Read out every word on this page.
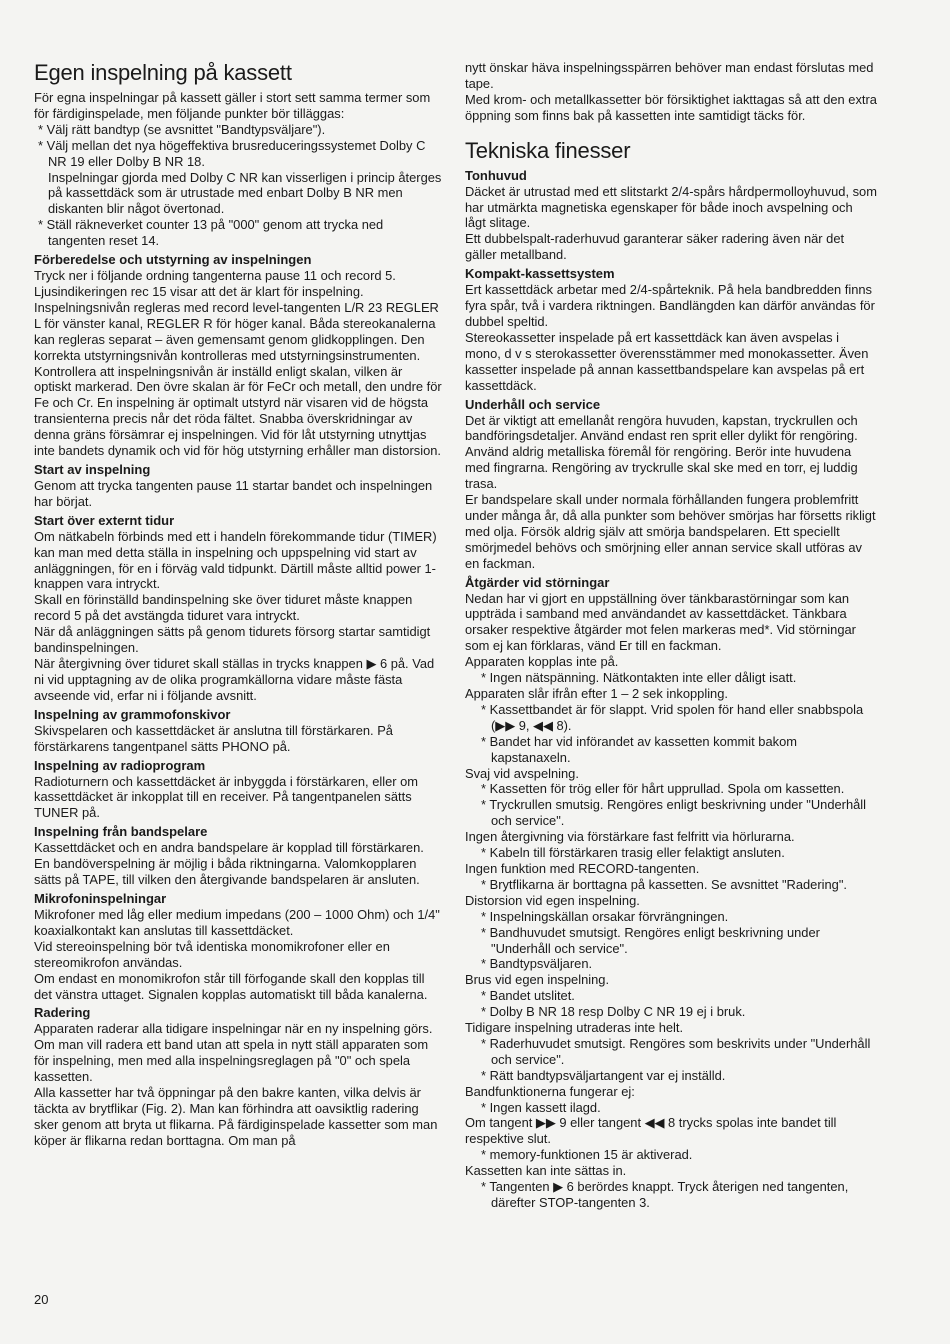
Egen inspelning på kassett

För egna inspelningar på kassett gäller i stort sett samma termer som för färdiginspelade, men följande punkter bör tilläggas:

* Välj rätt bandtyp (se avsnittet "Bandtypsväljare").

* Välj mellan det nya högeffektiva brusreduceringssystemet Dolby C NR 19 eller Dolby B NR 18.

Inspelningar gjorda med Dolby C NR kan visserligen i princip återges på kassettdäck som är utrustade med enbart Dolby B NR men diskanten blir något övertonad.

* Ställ räkneverket counter 13 på "000" genom att trycka ned tangenten reset 14.

Förberedelse och utstyrning av inspelningen

Tryck ner i följande ordning tangenterna pause 11 och record 5. Ljusindikeringen rec 15 visar att det är klart för inspelning. Inspelningsnivån regleras med record level-tangenten L/R 23 REGLER L för vänster kanal, REGLER R för höger kanal. Båda stereokanalerna kan regleras separat – även gemensamt genom glidkopplingen. Den korrekta utstyrningsnivån kontrolleras med utstyrningsinstrumenten. Kontrollera att inspelningsnivån är inställd enligt skalan, vilken är optiskt markerad. Den övre skalan är för FeCr och metall, den undre för Fe och Cr. En inspelning är optimalt utstyrd när visaren vid de högsta transienterna precis når det röda fältet. Snabba överskridningar av denna gräns försämrar ej inspelningen. Vid för låt utstyrning utnyttjas inte bandets dynamik och vid för hög utstyrning erhåller man distorsion.

Start av inspelning

Genom att trycka tangenten pause 11 startar bandet och inspelningen har börjat.

Start över externt tidur

Om nätkabeln förbinds med ett i handeln förekommande tidur (TIMER) kan man med detta ställa in inspelning och uppspelning vid start av anläggningen, för en i förväg vald tidpunkt. Därtill måste alltid power 1-knappen vara intryckt.

Skall en förinställd bandinspelning ske över tiduret måste knappen record 5 på det avstängda tiduret vara intryckt.

När då anläggningen sätts på genom tidurets försorg startar samtidigt bandinspelningen.

När återgivning över tiduret skall ställas in trycks knappen ▶ 6 på. Vad ni vid upptagning av de olika programkällorna vidare måste fästa avseende vid, erfar ni i följande avsnitt.

Inspelning av grammofonskivor

Skivspelaren och kassettdäcket är anslutna till förstärkaren. På förstärkarens tangentpanel sätts PHONO på.

Inspelning av radioprogram

Radioturnern och kassettdäcket är inbyggda i förstärkaren, eller om kassettdäcket är inkopplat till en receiver. På tangentpanelen sätts TUNER på.

Inspelning från bandspelare

Kassettdäcket och en andra bandspelare är kopplad till förstärkaren. En bandöverspelning är möjlig i båda riktningarna. Valomkopplaren sätts på TAPE, till vilken den återgivande bandspelaren är ansluten.

Mikrofoninspelningar

Mikrofoner med låg eller medium impedans (200 – 1000 Ohm) och 1/4" koaxialkontakt kan anslutas till kassettdäcket.

Vid stereoinspelning bör två identiska monomikrofoner eller en stereomikrofon användas.

Om endast en monomikrofon står till förfogande skall den kopplas till det vänstra uttaget. Signalen kopplas automatiskt till båda kanalerna.

Radering

Apparaten raderar alla tidigare inspelningar när en ny inspelning görs. Om man vill radera ett band utan att spela in nytt ställ apparaten som för inspelning, men med alla inspelningsreglagen på "0" och spela kassetten.

Alla kassetter har två öppningar på den bakre kanten, vilka delvis är täckta av brytflikar (Fig. 2). Man kan förhindra att oavsiktlig radering sker genom att bryta ut flikarna. På färdiginspelade kassetter som man köper är flikarna redan borttagna. Om man på

nytt önskar häva inspelningsspärren behöver man endast förslutas med tape.

Med krom- och metallkassetter bör försiktighet iakttagas så att den extra öppning som finns bak på kassetten inte samtidigt täcks för.

Tekniska finesser
Tonhuvud

Däcket är utrustad med ett slitstarkt 2/4-spårs hårdpermolloyhuvud, som har utmärkta magnetiska egenskaper för både inoch avspelning och lågt slitage.

Ett dubbelspalt-raderhuvud garanterar säker radering även när det gäller metallband.

Kompakt-kassettsystem

Ert kassettdäck arbetar med 2/4-spårteknik. På hela bandbredden finns fyra spår, två i vardera riktningen. Bandlängden kan därför användas för dubbel speltid.

Stereokassetter inspelade på ert kassettdäck kan även avspelas i mono, d v s sterokassetter överensstämmer med monokassetter. Även kassetter inspelade på annan kassettbandspelare kan avspelas på ert kassettdäck.

Underhåll och service

Det är viktigt att emellanåt rengöra huvuden, kapstan, tryckrullen och bandföringsdetaljer. Använd endast ren sprit eller dylikt för rengöring. Använd aldrig metalliska föremål för rengöring. Berör inte huvudena med fingrarna. Rengöring av tryckrulle skal ske med en torr, ej luddig trasa.

Er bandspelare skall under normala förhållanden fungera problemfritt under många år, då alla punkter som behöver smörjas har försetts rikligt med olja. Försök aldrig själv att smörja bandspelaren. Ett speciellt smörjmedel behövs och smörjning eller annan service skall utföras av en fackman.

Åtgärder vid störningar

Nedan har vi gjort en uppställning över tänkbarastörningar som kan uppträda i samband med användandet av kassettdäcket. Tänkbara orsaker respektive åtgärder mot felen markeras med*. Vid störningar som ej kan förklaras, vänd Er till en fackman.

Apparaten kopplas inte på.

* Ingen nätspänning. Nätkontakten inte eller dåligt isatt.

Apparaten slår ifrån efter 1 – 2 sek inkoppling.

* Kassettbandet är för slappt. Vrid spolen för hand eller snabbspola (▶▶ 9, ◀◀ 8).

* Bandet har vid införandet av kassetten kommit bakom kapstanaxeln.

Svaj vid avspelning.

* Kassetten för trög eller för hårt upprullad. Spola om kassetten.

* Tryckrullen smutsig. Rengöres enligt beskrivning under "Underhåll och service".

Ingen återgivning via förstärkare fast felfritt via hörlurarna.

* Kabeln till förstärkaren trasig eller felaktigt ansluten.

Ingen funktion med RECORD-tangenten.

* Brytflikarna är borttagna på kassetten. Se avsnittet "Radering".

Distorsion vid egen inspelning.

* Inspelningskällan orsakar förvrängningen.

* Bandhuvudet smutsigt. Rengöres enligt beskrivning under "Underhåll och service".

* Bandtypsväljaren.

Brus vid egen inspelning.

* Bandet utslitet.

* Dolby B NR 18 resp Dolby C NR 19 ej i bruk.

Tidigare inspelning utraderas inte helt.

* Raderhuvudet smutsigt. Rengöres som beskrivits under "Underhåll och service".

* Rätt bandtypsväljartangent var ej inställd.

Bandfunktionerna fungerar ej:

* Ingen kassett ilagd.

Om tangent ▶▶ 9 eller tangent ◀◀ 8 trycks spolas inte bandet till respektive slut.

* memory-funktionen 15 är aktiverad.

Kassetten kan inte sättas in.

* Tangenten ▶ 6 berördes knappt. Tryck återigen ned tangenten, därefter STOP-tangenten 3.

20
